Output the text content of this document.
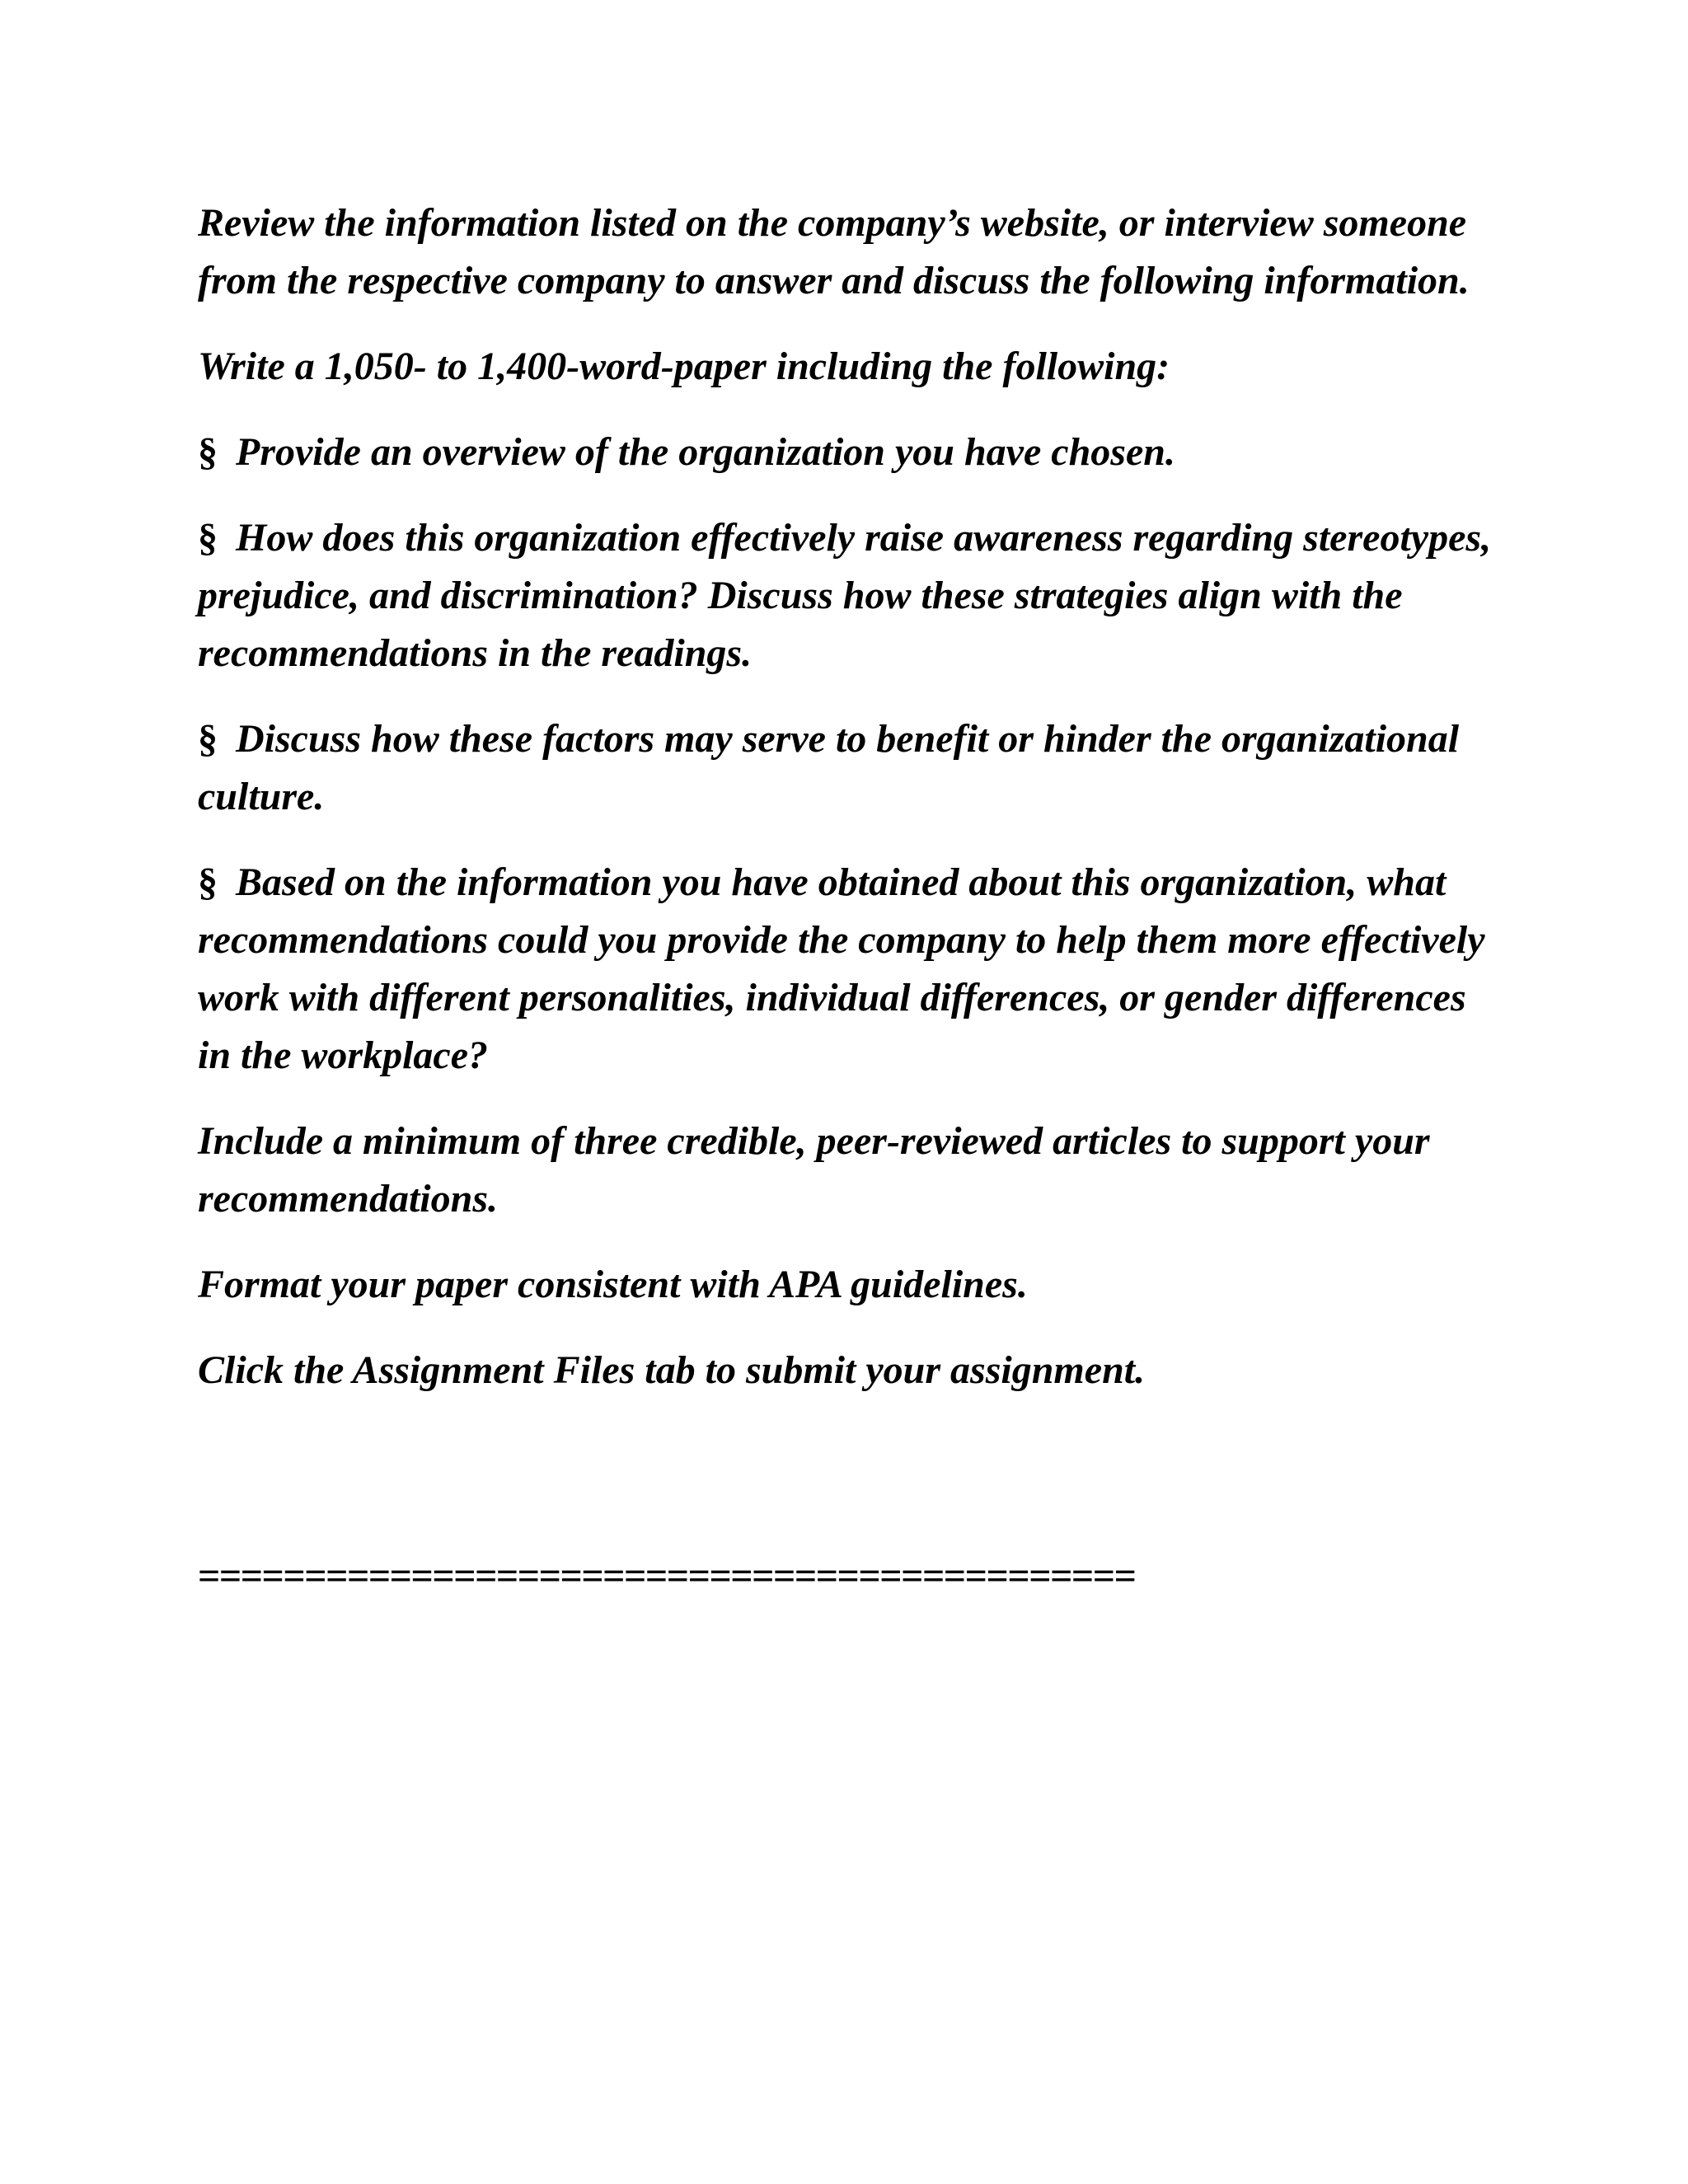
Review the information listed on the company’s website, or interview someone from the respective company to answer and discuss the following information.

Write a 1,050- to 1,400-word-paper including the following:

§ Provide an overview of the organization you have chosen.

§ How does this organization effectively raise awareness regarding stereotypes, prejudice, and discrimination? Discuss how these strategies align with the recommendations in the readings.

§ Discuss how these factors may serve to benefit or hinder the organizational culture.

§ Based on the information you have obtained about this organization, what recommendations could you provide the company to help them more effectively work with different personalities, individual differences, or gender differences in the workplace?

Include a minimum of three credible, peer-reviewed articles to support your recommendations.

Format your paper consistent with APA guidelines.

Click the Assignment Files tab to submit your assignment.

============================================
